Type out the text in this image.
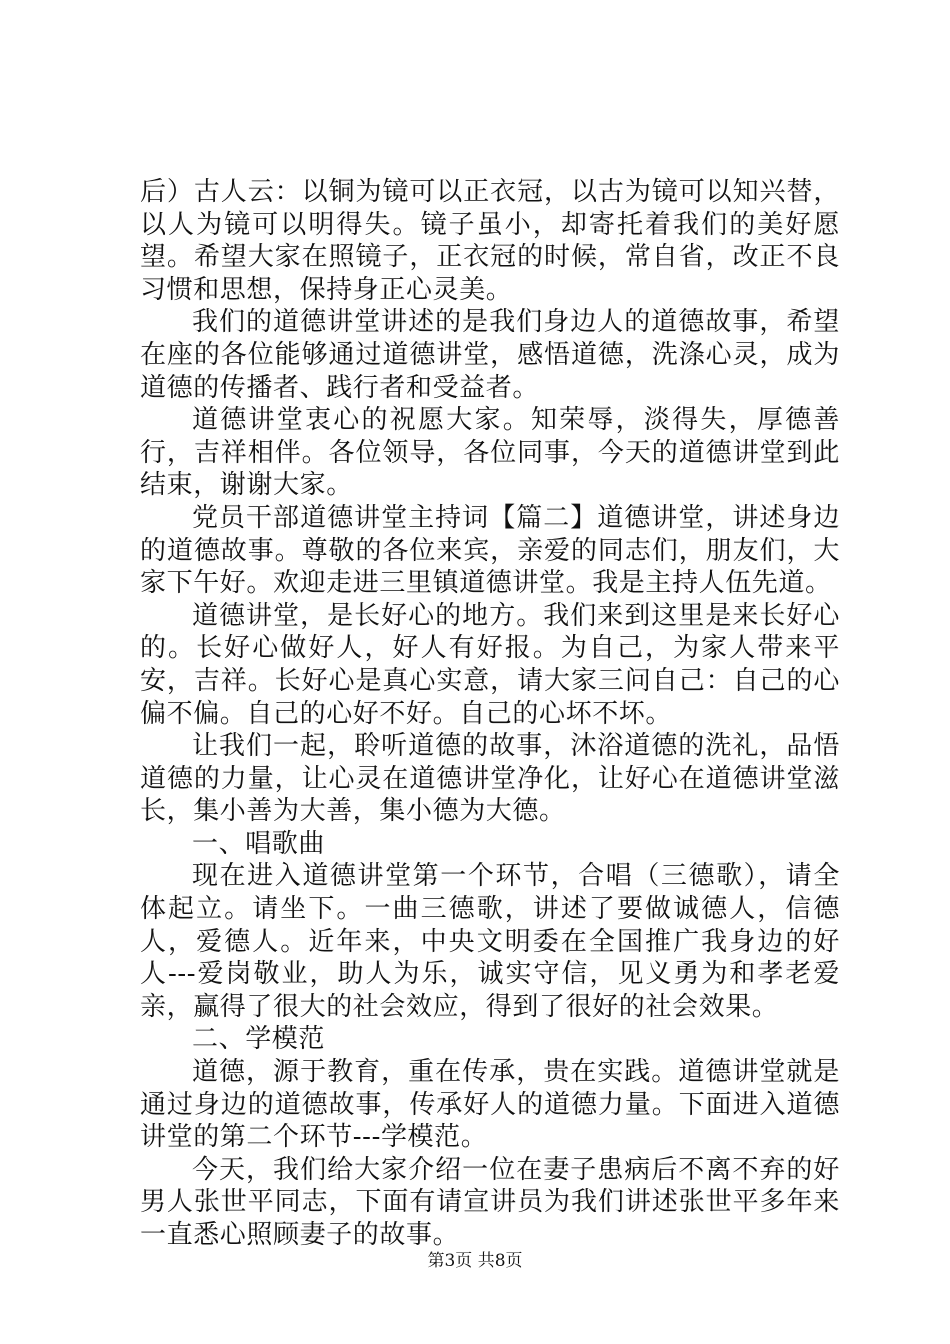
后）古人云：以铜为镜可以正衣冠，以古为镜可以知兴替，以人为镜可以明得失。镜子虽小，却寄托着我们的美好愿望。希望大家在照镜子，正衣冠的时候，常自省，改正不良习惯和思想，保持身正心灵美。

我们的道德讲堂讲述的是我们身边人的道德故事，希望在座的各位能够通过道德讲堂，感悟道德，洗涤心灵，成为道德的传播者、践行者和受益者。

道德讲堂衷心的祝愿大家。知荣辱，淡得失，厚德善行，吉祥相伴。各位领导，各位同事，今天的道德讲堂到此结束，谢谢大家。

党员干部道德讲堂主持词【篇二】道德讲堂，讲述身边的道德故事。尊敬的各位来宾，亲爱的同志们，朋友们，大家下午好。欢迎走进三里镇道德讲堂。我是主持人伍先道。

道德讲堂，是长好心的地方。我们来到这里是来长好心的。长好心做好人，好人有好报。为自己，为家人带来平安，吉祥。长好心是真心实意，请大家三问自己：自己的心偏不偏。自己的心好不好。自己的心坏不坏。

让我们一起，聆听道德的故事，沐浴道德的洗礼，品悟道德的力量，让心灵在道德讲堂净化，让好心在道德讲堂滋长，集小善为大善，集小德为大德。

一、唱歌曲

现在进入道德讲堂第一个环节，合唱（三德歌），请全体起立。请坐下。一曲三德歌，讲述了要做诚德人，信德人，爱德人。近年来，中央文明委在全国推广我身边的好人---爱岗敬业，助人为乐，诚实守信，见义勇为和孝老爱亲，赢得了很大的社会效应，得到了很好的社会效果。

二、学模范

道德，源于教育，重在传承，贵在实践。道德讲堂就是通过身边的道德故事，传承好人的道德力量。下面进入道德讲堂的第二个环节---学模范。

今天，我们给大家介绍一位在妻子患病后不离不弃的好男人张世平同志，下面有请宣讲员为我们讲述张世平多年来一直悉心照顾妻子的故事。

第3页 共8页
